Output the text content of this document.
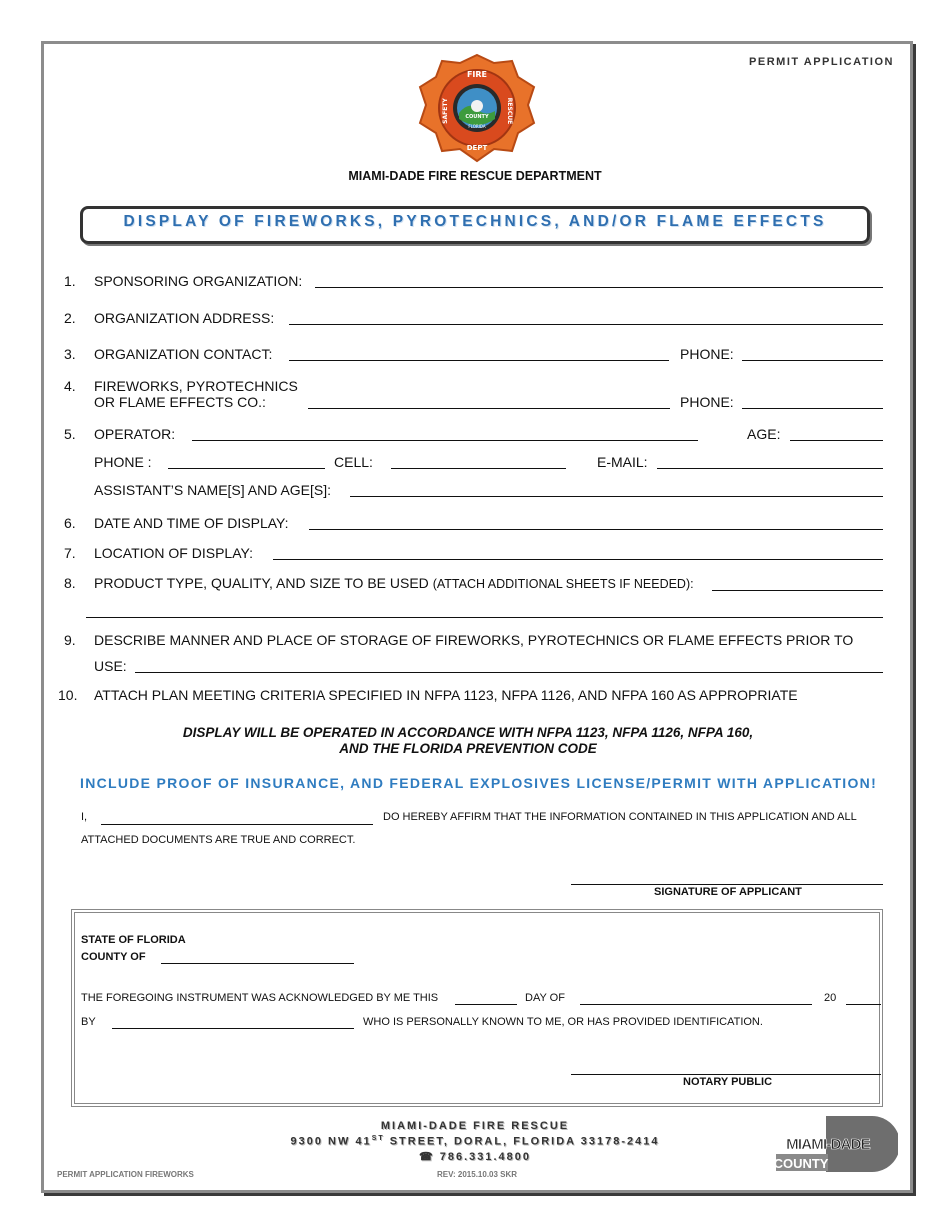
PERMIT APPLICATION
FIRE
DEPT
SAFETY	RESCUE
COUNTY
FLORIDA
MIAMI-DADE FIRE RESCUE DEPARTMENT
DISPLAY OF FIREWORKS, PYROTECHNICS, AND/OR FLAME EFFECTS
1. SPONSORING ORGANIZATION:
2. ORGANIZATION ADDRESS:
3. ORGANIZATION CONTACT:	PHONE:
4. FIREWORKS, PYROTECHNICS
OR FLAME EFFECTS CO.:	PHONE:
5. OPERATOR:	AGE:
PHONE :	CELL:	E-MAIL:
ASSISTANT’S NAME[S] AND AGE[S]:
6. DATE AND TIME OF DISPLAY:
7. LOCATION OF DISPLAY:
8. PRODUCT TYPE, QUALITY, AND SIZE TO BE USED (ATTACH ADDITIONAL SHEETS IF NEEDED):
9. DESCRIBE MANNER AND PLACE OF STORAGE OF FIREWORKS, PYROTECHNICS OR FLAME EFFECTS PRIOR TO
USE:
10. ATTACH PLAN MEETING CRITERIA SPECIFIED IN NFPA 1123, NFPA 1126, AND NFPA 160 AS APPROPRIATE
DISPLAY WILL BE OPERATED IN ACCORDANCE WITH NFPA 1123, NFPA 1126, NFPA 160,
AND THE FLORIDA PREVENTION CODE
INCLUDE PROOF OF INSURANCE, AND FEDERAL EXPLOSIVES LICENSE/PERMIT WITH APPLICATION!
I,	DO HEREBY AFFIRM THAT THE INFORMATION CONTAINED IN THIS APPLICATION AND ALL
ATTACHED DOCUMENTS ARE TRUE AND CORRECT.
SIGNATURE OF APPLICANT
STATE OF FLORIDA
COUNTY OF
THE FOREGOING INSTRUMENT WAS ACKNOWLEDGED BY ME THIS	DAY OF	20
BY	WHO IS PERSONALLY KNOWN TO ME, OR HAS PROVIDED IDENTIFICATION.
NOTARY PUBLIC
MIAMI-DADE FIRE RESCUE
9300 NW 41ST STREET, DORAL, FLORIDA 33178-2414
☎ 786.331.4800
PERMIT APPLICATION FIREWORKS	REV: 2015.10.03 SKR
MIAMI-DADE
COUNTY
